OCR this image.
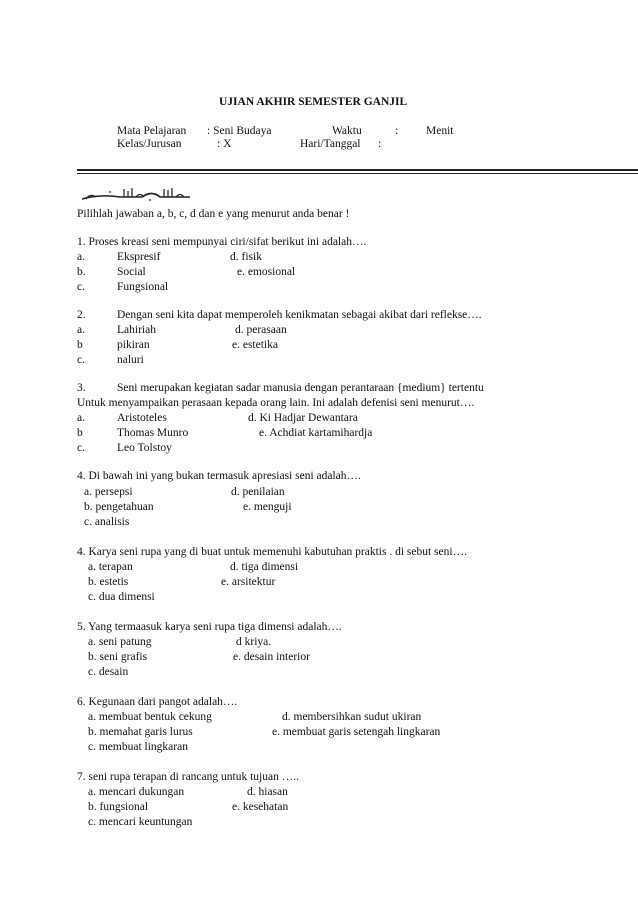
UJIAN AKHIR SEMESTER GANJIL
Mata Pelajaran : Seni Budaya	Waktu	: Menit
Kelas/Jurusan	: X	Hari/Tanggal :
Pilihlah jawaban a, b, c, d dan e yang menurut anda benar !
1. Proses kreasi seni mempunyai ciri/sifat berikut ini adalah….
a.	Ekspresif	d. fisik
b.	Social	e. emosional
c.	Fungsional
2.	Dengan seni kita dapat memperoleh kenikmatan sebagai akibat dari reflekse….
a.	Lahiriah	d. perasaan
b	pikiran	e. estetika
c.	naluri
3.	Seni merupakan kegiatan sadar manusia dengan perantaraan {medium} tertentu
Untuk menyampaikan perasaan kepada orang lain. Ini adalah defenisi seni menurut….
a.	Aristoteles	d. Ki Hadjar Dewantara
b	Thomas Munro	e. Achdiat kartamihardja
c.	Leo Tolstoy
4. Di bawah ini yang bukan termasuk apresiasi seni adalah….
a. persepsi	d. penilaian
b. pengetahuan	e. menguji
c. analisis
4. Karya seni rupa yang di buat untuk memenuhi kabutuhan praktis . di sebut seni….
a. terapan	d. tiga dimensi
b. estetis	e. arsitektur
c. dua dimensi
5. Yang termaasuk karya seni rupa tiga dimensi adalah….
a. seni patung	d kriya.
b. seni grafis	e. desain interior
c. desain
6. Kegunaan dari pangot adalah….
a. membuat bentuk cekung	d. membersihkan sudut ukiran
b. memahat garis lurus	e. membuat garis setengah lingkaran
c. membuat lingkaran
7. seni rupa terapan di rancang untuk tujuan …..
a. mencari dukungan	d. hiasan
b. fungsional	e. kesehatan
c. mencari keuntungan
